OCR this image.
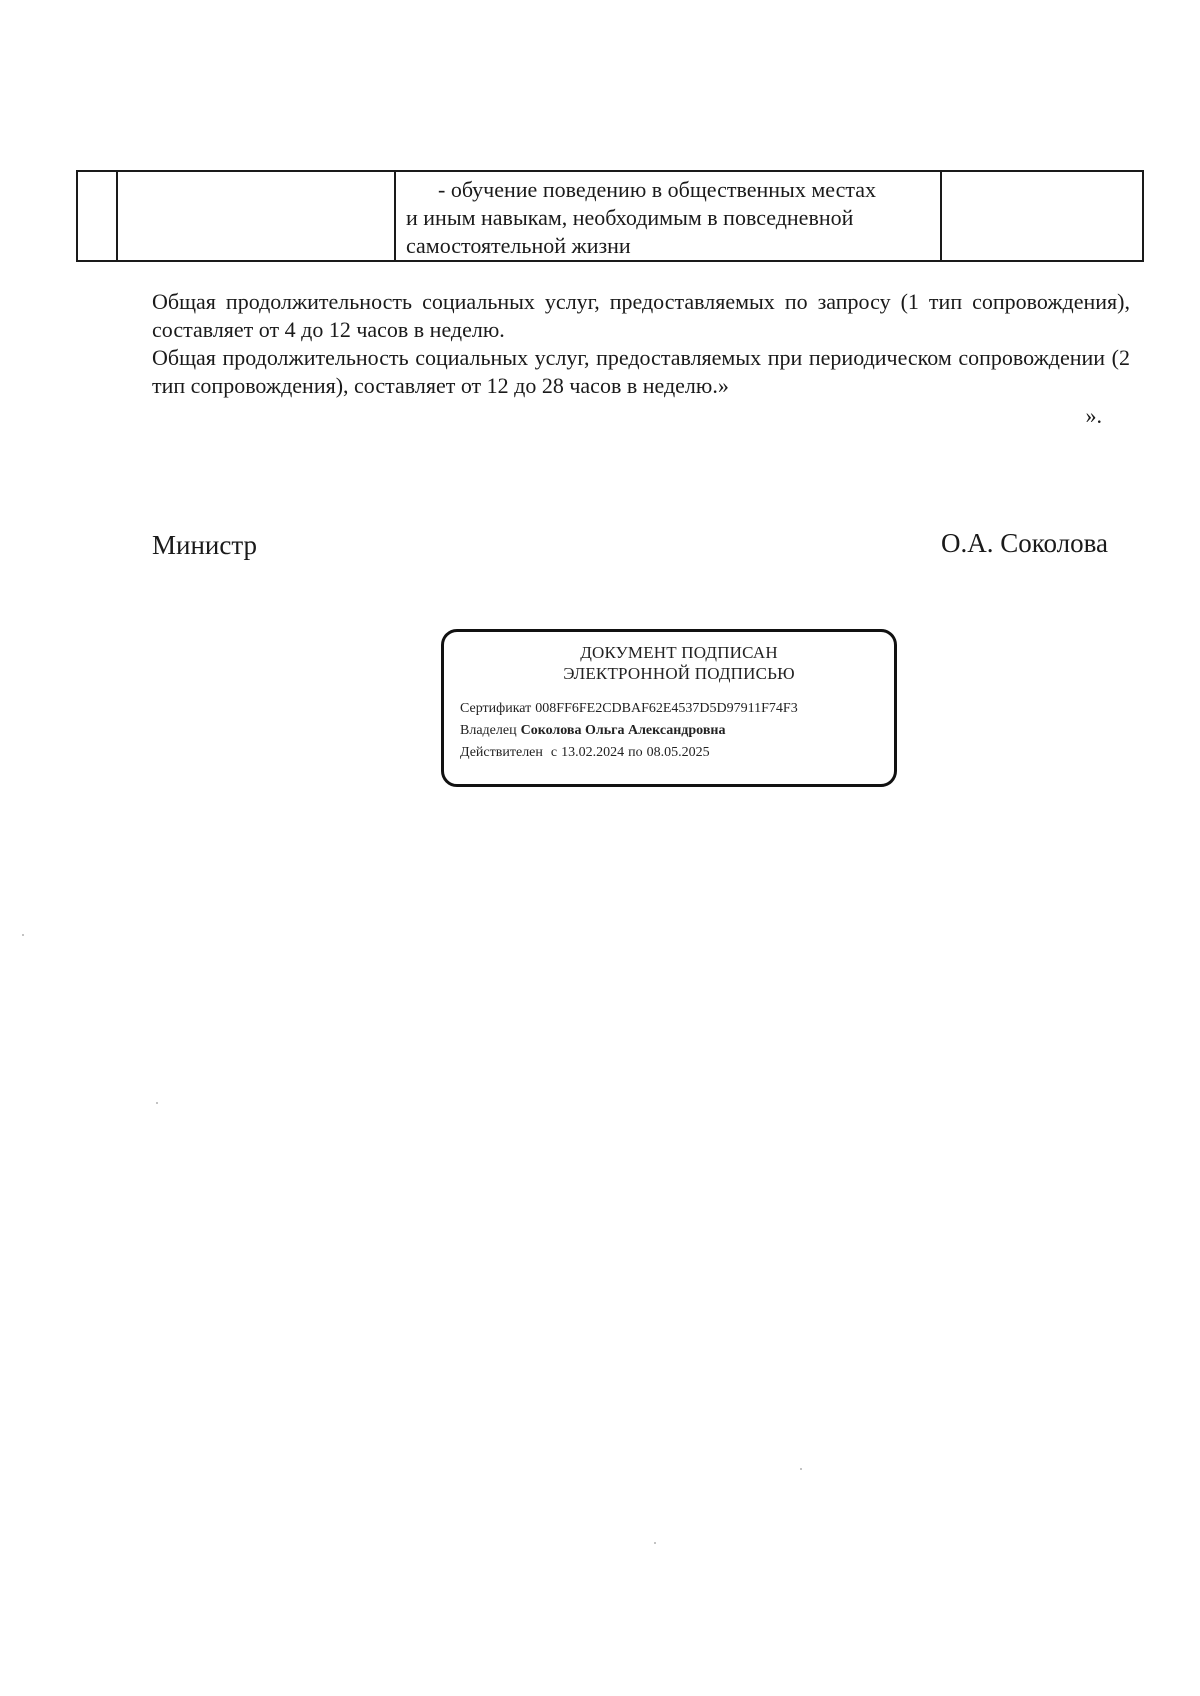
- обучение поведению в общественных местах
и иным навыкам, необходимым в повседневной
самостоятельной жизни

Общая продолжительность социальных услуг, предоставляемых по запросу (1 тип сопровождения), составляет от 4 до 12 часов в неделю.

Общая продолжительность социальных услуг, предоставляемых при периодическом сопровождении (2 тип сопровождения), составляет от 12 до 28 часов в неделю.»

».

Министр	О.А. Соколова
ДОКУМЕНТ ПОДПИСАН
ЭЛЕКТРОННОЙ ПОДПИСЬЮ
Сертификат 008FF6FE2CDBAF62E4537D5D97911F74F3
Владелец Соколова Ольга Александровна
Действителен с 13.02.2024 по 08.05.2025
